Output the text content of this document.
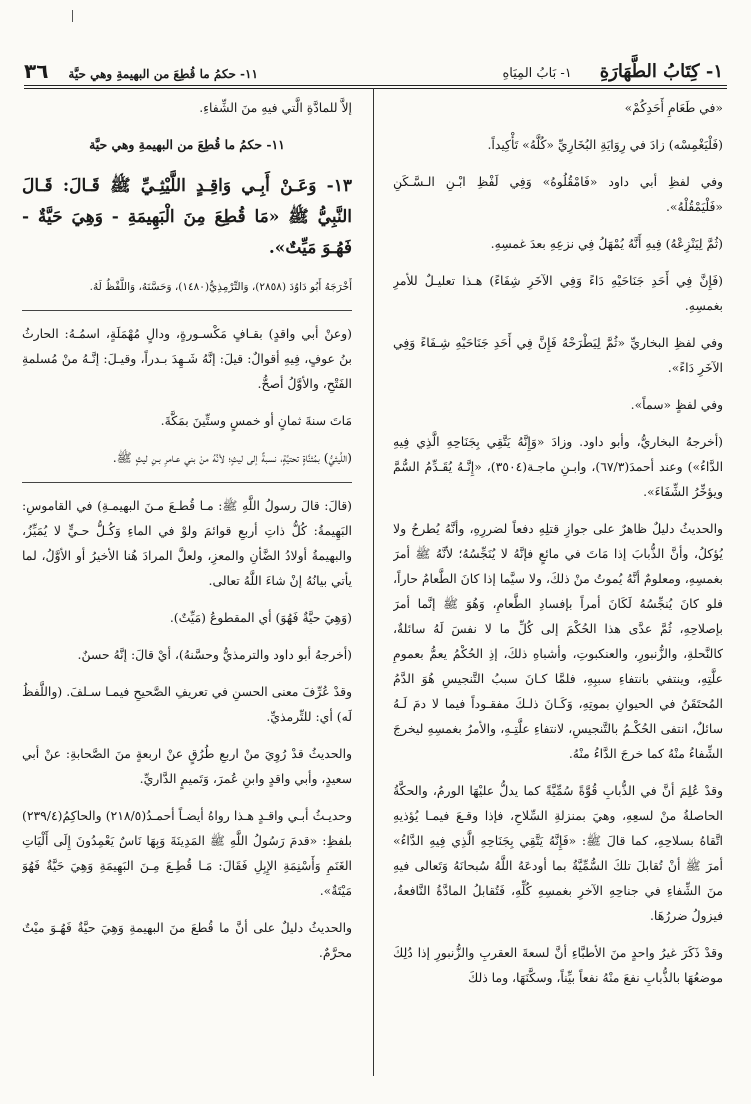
١- كِتَابُ الطَّهَارَةِ
١- بَابُ المِيَاهِ
٣٦ ١١- حكمُ ما قُطِعَ من البهيمةِ وهي حيَّة

«في طَعَامِ أَحَدِكُمْ»

(فَلْيَغْمِسْه) زادَ في رِوَايَةِ البُخَارِيِّ «كُلَّهُ» تَأْكِيداً.

وفي لفظِ أبي داود «فَامْقُلُوهُ» وَفِي لَفْظِ ابْـنِ الـسَّـكَنِ «فَلْيَمْقُلْهُ».

(ثُمَّ لِيَنْزِعْهُ) فِيهِ أَنَّهُ يُمْهَلُ فِي نزعِهِ بعدَ غمسِهِ.

(فَإِنَّ فِي أَحَدِ جَنَاحَيْهِ دَاءً وَفِي الآخَرِ شِفَاءً) هـذا تعليـلٌ للأمرِ بغمسِهِ.

وفي لفظِ البخاريِّ «ثُمَّ لِيَطْرَحْهُ فَإِنَّ فِي أَحَدِ جَنَاحَيْهِ شِـفَاءً وَفِي الآخَرِ دَاءً».

وفي لفظٍ «سماً».

(أخرجهُ البخاريُّ، وأبو داود. وزادَ «وَإِنَّهُ يَتَّقِي بِجَنَاحِهِ الَّذِي فِيهِ الدَّاءُ») وعند أحمدَ(٦٧/٣)، وابـنِ ماجـة(٣٥٠٤)، «إِنَّـهُ يُقَـدِّمُ السُّمَّ ويؤخِّرُ الشِّفَاءَ».

والحديثُ دليلٌ ظاهرٌ على جوازِ قتلِهِ دفعاً لضررِهِ، وأنَّهُ يُطرحُ ولا يُؤكلُ، وأنَّ الذُّبابَ إذا مَاتَ في مائعٍ فإنَّهُ لا يُنَجِّسُهُ؛ لأنَّهُ ﷺ أمرَ بغمسِهِ، ومعلومٌ أنَّهُ يُموتُ منْ ذلكَ، ولا سيَّما إذا كانَ الطَّعامُ حاراً، فلو كانَ يُنجِّسُهُ لَكَانَ أمراً بإفسادِ الطَّعامِ، وَهُوَ ﷺ إنَّما أمرَ بإصلاحِهِ، ثُمَّ عدَّى هذا الحُكْمَ إلى كُلِّ ما لا نفسَ لَهُ سائلةٌ، كالنَّحلةِ، والزُّنبورِ، والعنكبوتِ، وأشباهِ ذلكَ، إذِ الحُكْمُ يعمُّ بعمومِ علَّتِهِ، وينتفي بانتفاءِ سببِهِ، فلمَّا كـانَ سببُ التَّنجيسِ هُوَ الدَّمُ المُحتَقَنُ في الحيوانِ بموتِهِ، وَكَـانَ ذلـكَ مفقـوداً فيما لا دمَ لَـهُ سائلٌ، انتفى الحُكْـمُ بالتَّنجيسِ، لانتفاءِ علَّتِـهِ، والأمرُ بغمسِهِ ليخرجَ الشِّفاءُ منْهُ كما خرجَ الدَّاءُ منْهُ.

وقدْ عُلِمَ أنَّ في الذُّبابِ قُوَّةً سُمِّيَّةً كما يدلُّ عليْهَا الورمُ، والحكَّةُ الحاصلةُ منْ لسعِهِ، وهيَ بمنزلةِ السِّلاحِ، فإذا وقـعَ فيمـا يُؤذيهِ اتَّقاهُ بسلاحِهِ، كما قالَ ﷺ: «فَإِنَّهُ يَتَّقِي بِجَنَاحِهِ الَّذِي فِيهِ الدَّاءُ» أمرَ ﷺ أنْ تُقابلَ تلكَ السُّمِّيَّةُ بما أودعَهُ اللَّهُ سُبحانَهُ وَتَعالى فيهِ منَ الشِّفاءِ في جناحِهِ الآخرِ بغمسِهِ كُلِّهِ، فَتُقابلُ المادَّةُ النَّافعةُ، فيزولُ ضررُهَا.

وقدْ ذَكَرَ غيرُ واحدٍ منَ الأطبَّاءِ أنَّ لسعةَ العقربِ والزُّنبورِ إذا دُلِكَ موضعُهَا بالذُّبابِ نفعَ منْهُ نفعاً بيِّناً، وسكَّنَهَا، وما ذلكَ

إلاَّ للمادَّةِ الَّتي فيهِ منَ الشِّفاءِ.

١١- حكمُ ما قُطِعَ من البهيمةِ وهي حيَّة

١٣- وَعَـنْ أَبِـي وَاقِـدٍ اللَّيْثِـيِّ ﷺ قَـالَ: قَـالَ النَّبِيُّ ﷺ «مَا قُطِعَ مِنَ الْبَهِيمَةِ - وَهِيَ حَيَّةٌ - فَهُـوَ مَيِّتٌ».

أَخْرَجَهُ أَبُو دَاوُدَ (٢٨٥٨)، وَالتِّرْمِذِيُّ(١٤٨٠)، وَحَسَّنَهُ، وَاللَّفْظُ لَهُ.

(وعنْ أبي واقدٍ) بقـافٍ مَكْسـورةٍ، ودالٍ مُهْمَلَةٍ، اسمُـهُ: الحارثُ بنُ عوفٍ، فِيهِ أقوالٌ: قيلَ: إنَّهُ شَـهِدَ بـدراً، وقيـلَ: إنَّـهُ منْ مُسلمةِ الفَتْحِ، والأوَّلُ أصحُّ.

مَاتَ سنةَ ثمانٍ أو خمسٍ وستِّينَ بمَكَّةَ.

(اللَّيثيُّ) بمُثنَّاةٍ تحتيَّةٍ، نسبةٌ إلى ليثٍ؛ لأنَّهُ منْ بني عـامرِ بـنِ ليثٍ ﷺ.

(قالَ: قالَ رسولُ اللَّهِ ﷺ: مـا قُطـعَ مـنَ البهيمـةِ) في القاموسِ: البَهِيمةُ: كُلُّ ذاتِ أربعِ قوائمَ ولوْ في الماءِ وَكُـلُّ حـيٍّ لا يُمَيِّزُ، والبهيمةُ أولادُ الضَّأنِ والمعزِ، ولعلَّ المرادَ هُنا الأخيرُ أو الأوَّلُ، لما يأتي بيانُهُ إنْ شاءَ اللَّهُ تعالى.

(وَهِيَ حيَّةٌ فَهُوَ) أي المقطوعُ (مَيِّتٌ).

(أخرجهُ أبو داود والترمذيُّ وحسَّنهُ)، أيْ قالَ: إنَّهُ حسنٌ.

وقدْ عُرِّفَ معنى الحسنِ في تعريفِ الصَّحيحِ فيمـا سـلفَ. (واللَّفظُ لَه) أي: للتِّرمذيِّ.

والحديثُ قدْ رُوِيَ منْ اربعِ طُرُقٍ عنْ اربعةٍ منَ الصَّحابةِ: عنْ أبي سعيدٍ، وأبي واقدٍ وابنِ عُمرَ، وَتَميمٍ الدَّاريِّ.

وحديـثُ أبـي واقـدٍ هـذا رواهُ أيضـاً أحمـدُ(٢١٨/٥) والحاكِمُ(٢٣٩/٤) بلفظِ: «قدمَ رَسُولُ اللَّهِ ﷺ المَدِينَةَ وَبِهَا نَاسٌ يَعْمِدُونَ إِلَى أَلْيَاتِ الغَنَمِ وَأَسْنِمَةِ الإِبِلِ فَقَالَ: مَـا قُطِـعَ مِـنَ البَهِيمَةِ وَهِيَ حَيَّةٌ فَهُوَ مَيْتَةٌ».

والحديثُ دليلٌ على أنَّ ما قُطعَ منَ البهيمةِ وَهِيَ حيَّةٌ فَهُـوَ ميْتٌ محرَّمٌ.
